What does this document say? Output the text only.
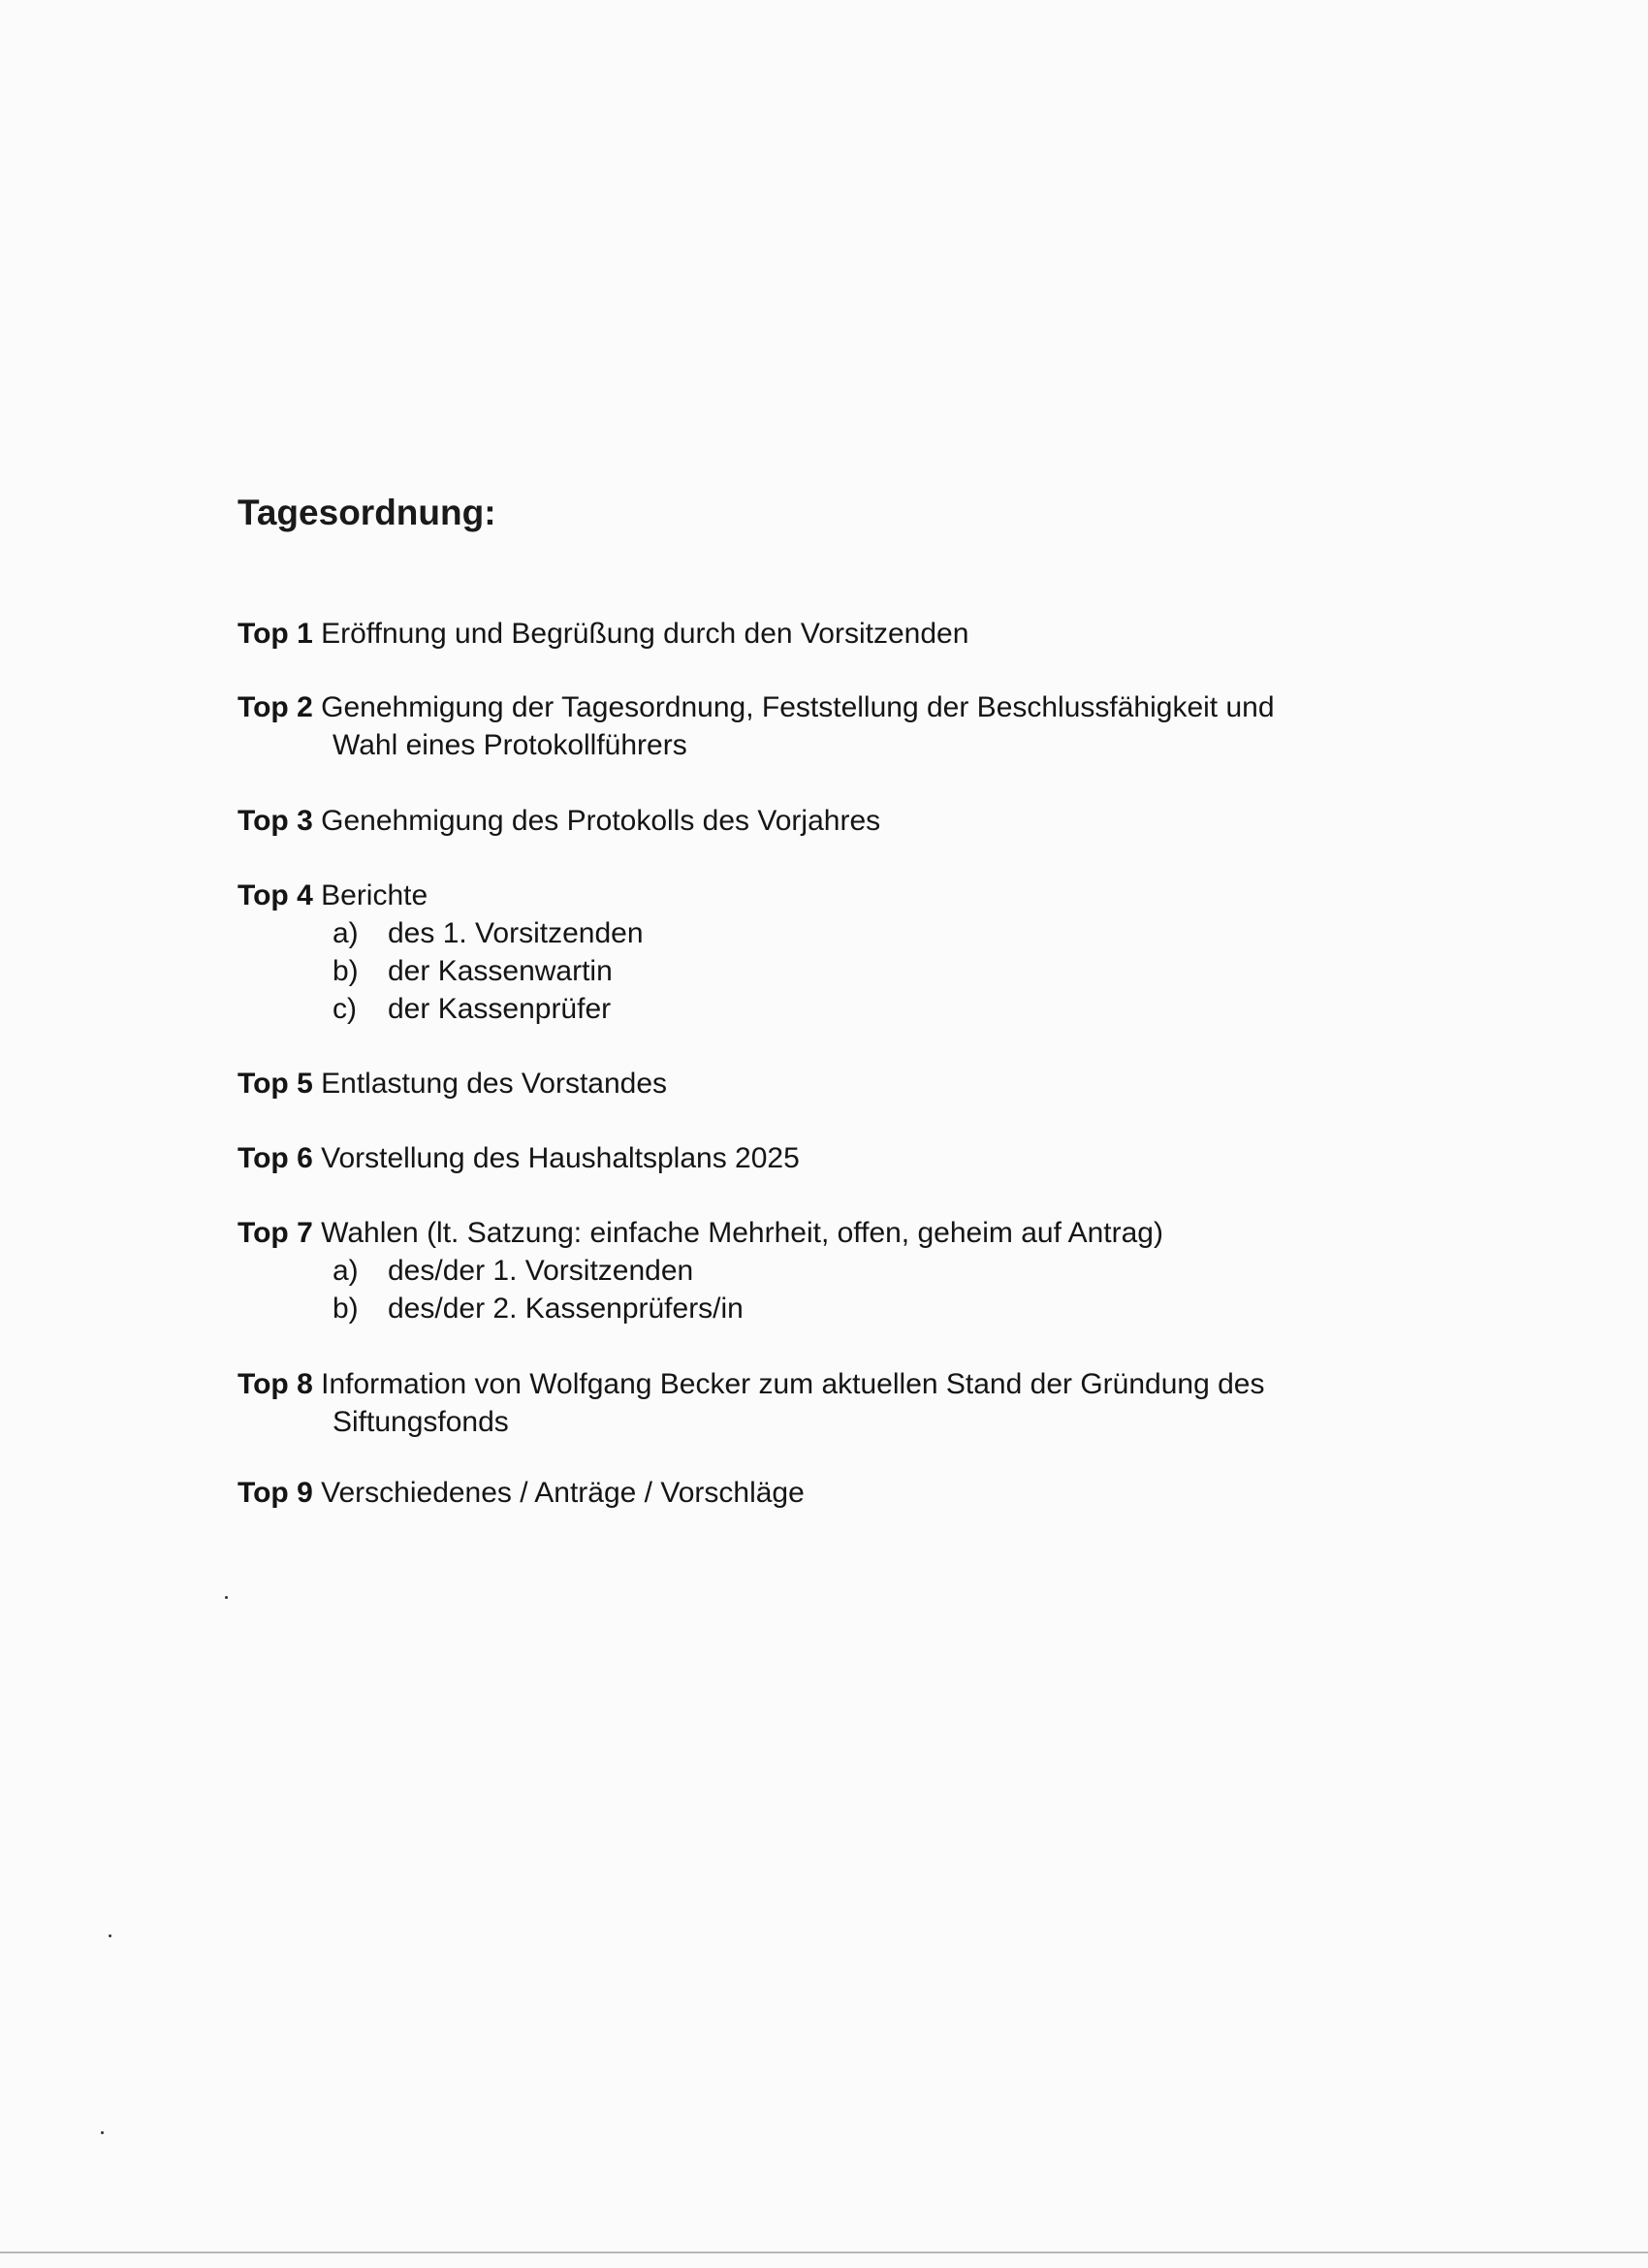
Tagesordnung:
Top 1 Eröffnung und Begrüßung durch den Vorsitzenden
Top 2 Genehmigung der Tagesordnung, Feststellung der Beschlussfähigkeit und
Wahl eines Protokollführers
Top 3 Genehmigung des Protokolls des Vorjahres
Top 4 Berichte
a) des 1. Vorsitzenden
b) der Kassenwartin
c) der Kassenprüfer
Top 5 Entlastung des Vorstandes
Top 6 Vorstellung des Haushaltsplans 2025
Top 7 Wahlen (lt. Satzung: einfache Mehrheit, offen, geheim auf Antrag)
a) des/der 1. Vorsitzenden
b) des/der 2. Kassenprüfers/in
Top 8 Information von Wolfgang Becker zum aktuellen Stand der Gründung des
Siftungsfonds
Top 9 Verschiedenes / Anträge / Vorschläge
